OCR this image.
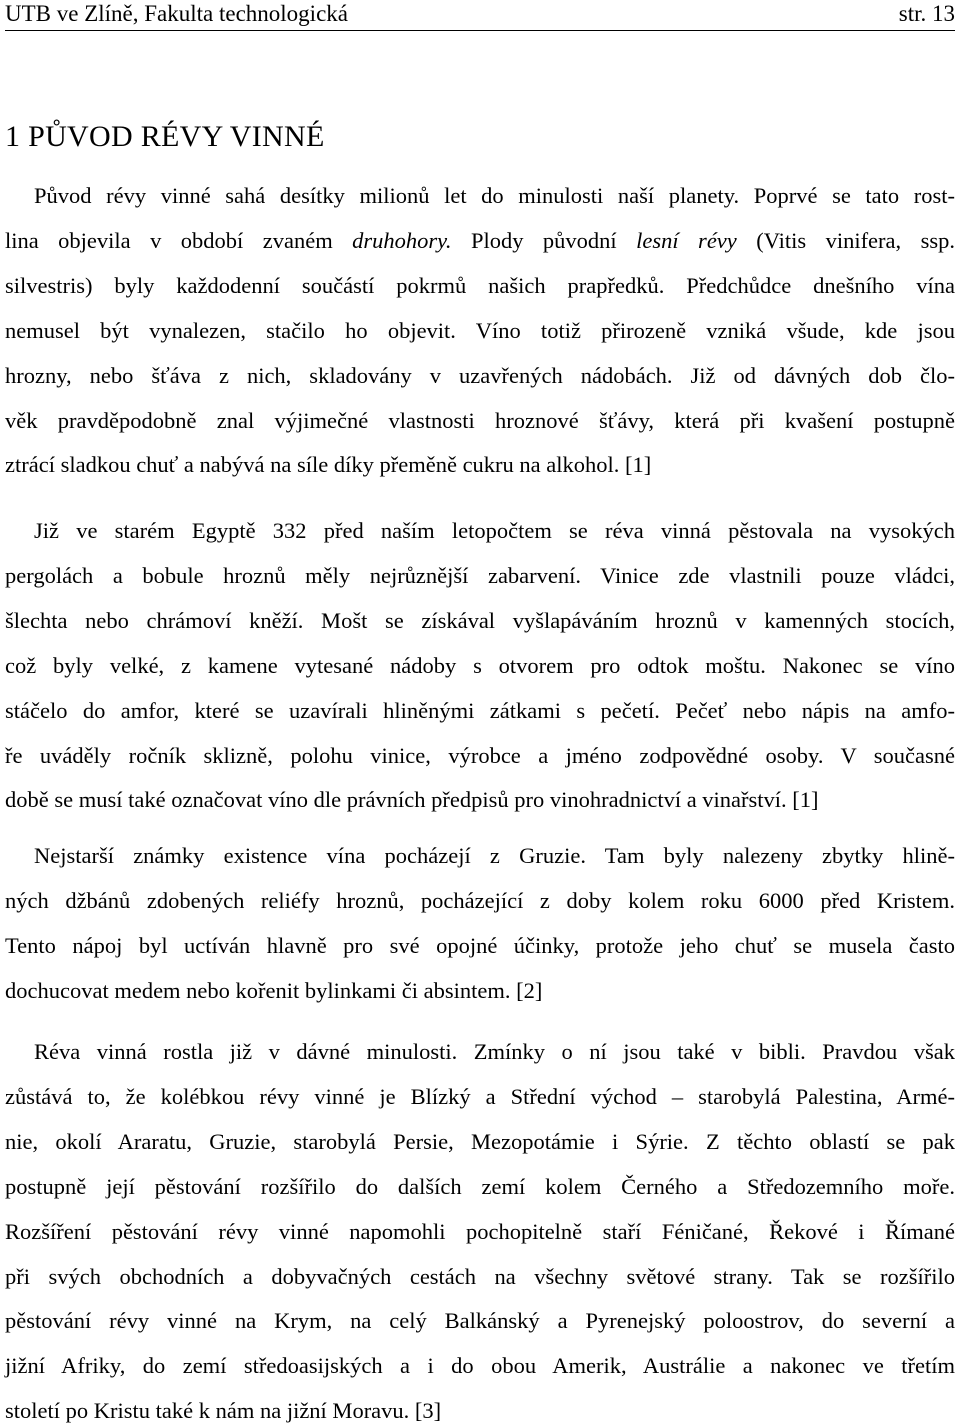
UTB ve Zlíně, Fakulta technologická	str. 13
1 PŮVOD RÉVY VINNÉ
Původ révy vinné sahá desítky milionů let do minulosti naší planety. Poprvé se tato rost-
lina objevila v období zvaném druhohory. Plody původní lesní révy (Vitis vinifera, ssp.
silvestris) byly každodenní součástí pokrmů našich prapředků. Předchůdce dnešního vína
nemusel být vynalezen, stačilo ho objevit. Víno totiž přirozeně vzniká všude, kde jsou
hrozny, nebo šťáva z nich, skladovány v uzavřených nádobách. Již od dávných dob člo-
věk pravděpodobně znal výjimečné vlastnosti hroznové šťávy, která při kvašení postupně
ztrácí sladkou chuť a nabývá na síle díky přeměně cukru na alkohol. [1]
Již ve starém Egyptě 332 před naším letopočtem se réva vinná pěstovala na vysokých
pergolách a bobule hroznů měly nejrůznější zabarvení. Vinice zde vlastnili pouze vládci,
šlechta nebo chrámoví kněží. Mošt se získával vyšlapáváním hroznů v kamenných stocích,
což byly velké, z kamene vytesané nádoby s otvorem pro odtok moštu. Nakonec se víno
stáčelo do amfor, které se uzavírali hliněnými zátkami s pečetí. Pečeť nebo nápis na amfo-
ře uváděly ročník sklizně, polohu vinice, výrobce a jméno zodpovědné osoby. V současné
době se musí také označovat víno dle právních předpisů pro vinohradnictví a vinařství. [1]
Nejstarší známky existence vína pocházejí z Gruzie. Tam byly nalezeny zbytky hlině-
ných džbánů zdobených reliéfy hroznů, pocházející z doby kolem roku 6000 před Kristem.
Tento nápoj byl uctíván hlavně pro své opojné účinky, protože jeho chuť se musela často
dochucovat medem nebo kořenit bylinkami či absintem. [2]
Réva vinná rostla již v dávné minulosti. Zmínky o ní jsou také v bibli. Pravdou však
zůstává to, že kolébkou révy vinné je Blízký a Střední východ – starobylá Palestina, Armé-
nie, okolí Araratu, Gruzie, starobylá Persie, Mezopotámie i Sýrie. Z těchto oblastí se pak
postupně její pěstování rozšířilo do dalších zemí kolem Černého a Středozemního moře.
Rozšíření pěstování révy vinné napomohli pochopitelně staří Féničané, Řekové i Římané
při svých obchodních a dobyvačných cestách na všechny světové strany. Tak se rozšířilo
pěstování révy vinné na Krym, na celý Balkánský a Pyrenejský poloostrov, do severní a
jižní Afriky, do zemí středoasijských a i do obou Amerik, Austrálie a nakonec ve třetím
století po Kristu také k nám na jižní Moravu. [3]
